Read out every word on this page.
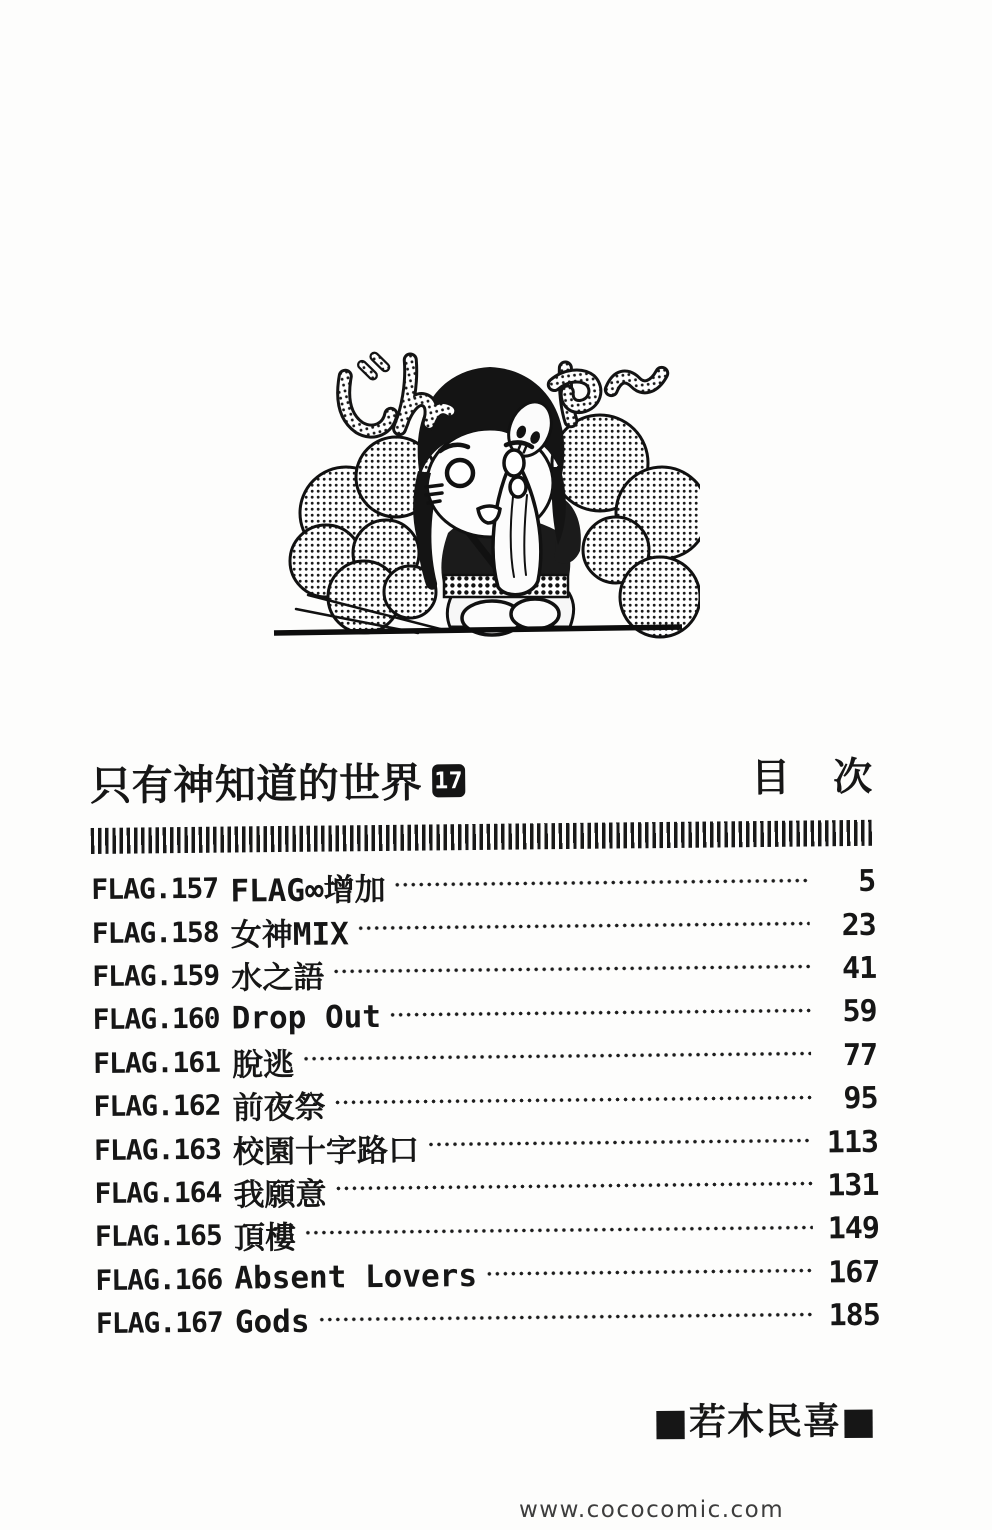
只有神知道的世界 17	目　次
FLAG.157 FLAG∞增加	5
FLAG.158 女神MIX	23
FLAG.159 水之語	41
FLAG.160 Drop Out	59
FLAG.161 脫逃	77
FLAG.162 前夜祭	95
FLAG.163 校園十字路口	113
FLAG.164 我願意	131
FLAG.165 頂樓	149
FLAG.166 Absent Lovers	167
FLAG.167 Gods	185
■若木民喜■
www.cococomic.com
